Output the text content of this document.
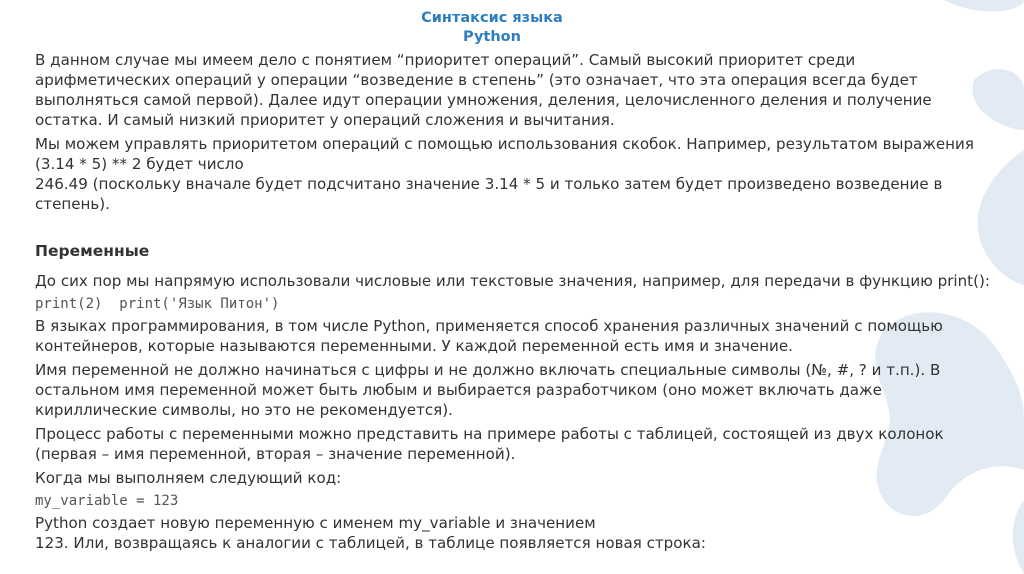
Синтаксис языка
Python

В данном случае мы имеем дело с понятием “приоритет операций”. Самый высокий приоритет среди арифметических операций у операции “возведение в степень” (это означает, что эта операция всегда будет выполняться самой первой). Далее идут операции умножения, деления, целочисленного деления и получение остатка. И самый низкий приоритет у операций сложения и вычитания.

Мы можем управлять приоритетом операций с помощью использования скобок. Например, результатом выражения (3.14 * 5) ** 2 будет число

246.49 (поскольку вначале будет подсчитано значение 3.14 * 5 и только затем будет произведено возведение в степень).

Переменные

До сих пор мы напрямую использовали числовые или текстовые значения, например, для передачи в функцию print():

print(2)  print('Язык Питон')

В языках программирования, в том числе Python, применяется способ хранения различных значений с помощью контейнеров, которые называются переменными. У каждой переменной есть имя и значение.

Имя переменной не должно начинаться с цифры и не должно включать специальные символы (№, #, ? и т.п.). В остальном имя переменной может быть любым и выбирается разработчиком (оно может включать даже кириллические символы, но это не рекомендуется).

Процесс работы с переменными можно представить на примере работы с таблицей, состоящей из двух колонок (первая – имя переменной, вторая – значение переменной).

Когда мы выполняем следующий код:

my_variable = 123

Python создает новую переменную с именем my_variable и значением

123. Или, возвращаясь к аналогии с таблицей, в таблице появляется новая строка:
